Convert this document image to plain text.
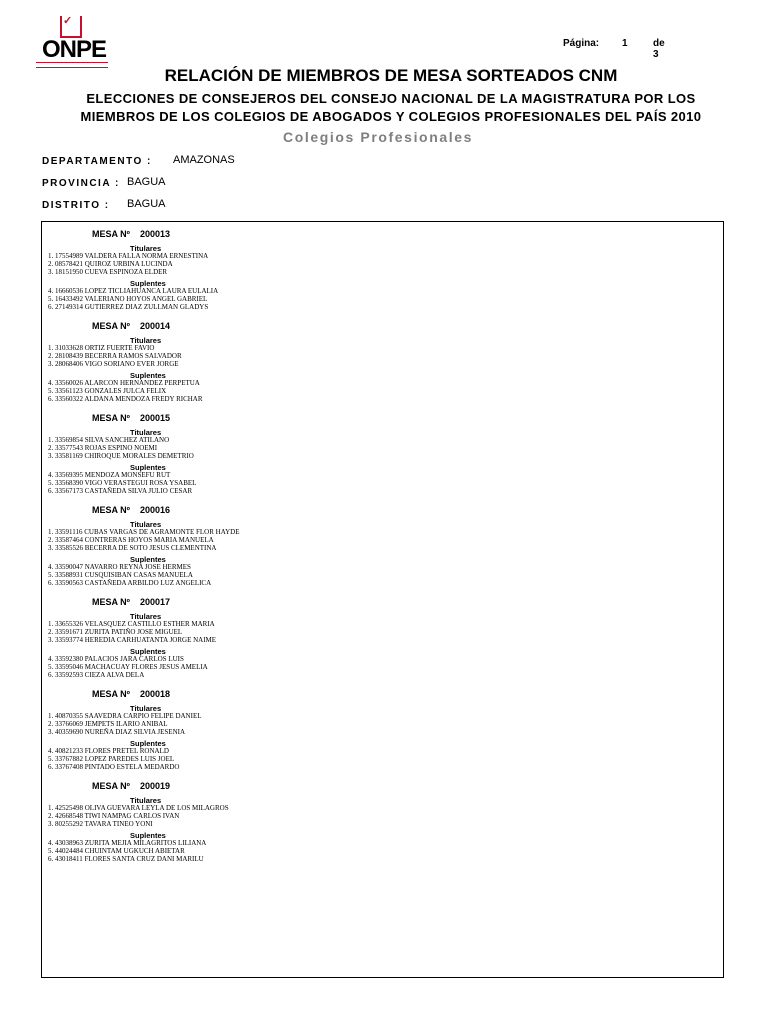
✓
ONPE	Página: 1	de 3
RELACIÓN DE MIEMBROS DE MESA SORTEADOS CNM
ELECCIONES DE CONSEJEROS DEL CONSEJO NACIONAL DE LA MAGISTRATURA POR LOS
MIEMBROS DE LOS COLEGIOS DE ABOGADOS Y COLEGIOS PROFESIONALES DEL PAÍS 2010
Colegios Profesionales
DEPARTAMENTO : AMAZONAS
PROVINCIA : BAGUA
DISTRITO : BAGUA
MESA Nº 200013
Titulares
1. 17554989 VALDERA FALLA NORMA ERNESTINA
2. 08578421 QUIROZ URBINA LUCINDA
3. 18151950 CUEVA ESPINOZA ELDER
Suplentes
4. 16660536 LOPEZ TICLIAHUANCA LAURA EULALIA
5. 16433492 VALERIANO HOYOS ANGEL GABRIEL
6. 27149314 GUTIERREZ DIAZ ZULLMAN GLADYS
MESA Nº 200014
Titulares
1. 31033628 ORTIZ FUERTE FAVIO
2. 28108439 BECERRA RAMOS SALVADOR
3. 28068406 VIGO SORIANO EVER JORGE
Suplentes
4. 33560026 ALARCON HERNANDEZ PERPETUA
5. 33561123 GONZALES JULCA FELIX
6. 33560322 ALDANA MENDOZA FREDY RICHAR
MESA Nº 200015
Titulares
1. 33569854 SILVA SANCHEZ ATILANO
2. 33577543 ROJAS ESPINO NOEMI
3. 33581169 CHIROQUE MORALES DEMETRIO
Suplentes
4. 33569395 MENDOZA MONSEFU RUT
5. 33568390 VIGO VERASTEGUI ROSA YSABEL
6. 33567173 CASTAÑEDA SILVA JULIO CESAR
MESA Nº 200016
Titulares
1. 33591116 CUBAS VARGAS DE AGRAMONTE FLOR HAYDE
2. 33587464 CONTRERAS HOYOS MARIA MANUELA
3. 33585526 BECERRA DE SOTO JESUS CLEMENTINA
Suplentes
4. 33590047 NAVARRO REYNA JOSE HERMES
5. 33588931 CUSQUISIBAN CASAS MANUELA
6. 33590563 CASTAÑEDA ARBILDO LUZ ANGELICA
MESA Nº 200017
Titulares
1. 33655326 VELASQUEZ CASTILLO ESTHER MARIA
2. 33591671 ZURITA PATIÑO JOSE MIGUEL
3. 33593774 HEREDIA CARHUATANTA JORGE NAIME
Suplentes
4. 33592380 PALACIOS JARA CARLOS LUIS
5. 33595046 MACHACUAY FLORES JESUS AMELIA
6. 33592593 CIEZA ALVA DELA
MESA Nº 200018
Titulares
1. 40870355 SAAVEDRA CARPIO FELIPE DANIEL
2. 33766069 JEMPETS ILARIO ANIBAL
3. 40359690 NUREÑA DIAZ SILVIA JESENIA
Suplentes
4. 40821233 FLORES PRETEL RONALD
5. 33767882 LOPEZ PAREDES LUIS JOEL
6. 33767408 PINTADO ESTELA MEDARDO
MESA Nº 200019
Titulares
1. 42525498 OLIVA GUEVARA LEYLA DE LOS MILAGROS
2. 42668548 TIWI NAMPAG CARLOS IVAN
3. 80255292 TAVARA TINEO YONI
Suplentes
4. 43038963 ZURITA MEJIA MILAGRITOS LILIANA
5. 44024484 CHUINTAM UGKUCH ABIETAR
6. 43018411 FLORES SANTA CRUZ DANI MARILU
